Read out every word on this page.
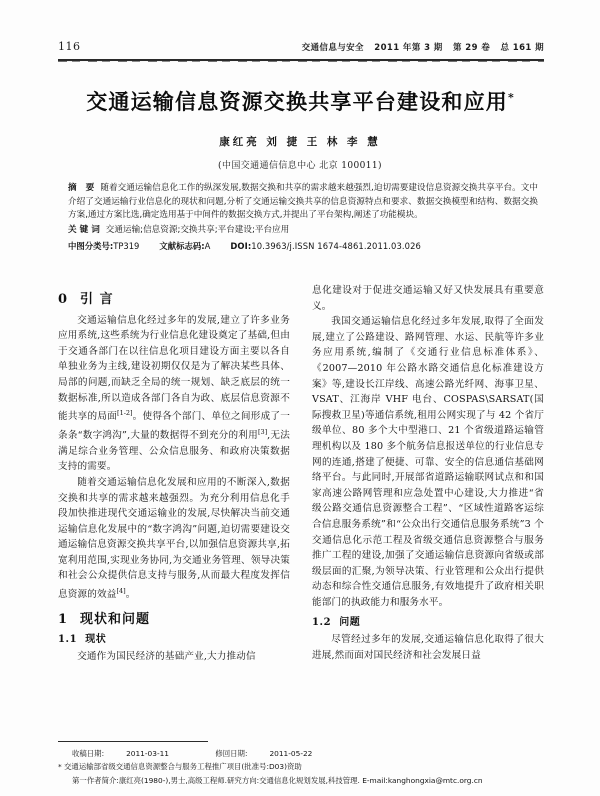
116	交通信息与安全 2011 年第 3 期 第 29 卷 总 161 期
交通运输信息资源交换共享平台建设和应用*
康红亮 刘 捷 王 林 李 慧
(中国交通通信信息中心 北京 100011)
摘 要 随着交通运输信息化工作的纵深发展,数据交换和共享的需求越来越强烈,迫切需要建设信息资源交换共享平台。文中介绍了交通运输行业信息化的现状和问题,分析了交通运输交换共享的信息资源特点和要求、数据交换模型和结构、数据交换方案,通过方案比选,确定选用基于中间件的数据交换方式,并提出了平台架构,阐述了功能模块。
关键词 交通运输;信息资源;交换共享;平台建设;平台应用
中图分类号:TP319 文献标志码:A DOI:10.3963/j.ISSN 1674-4861.2011.03.026
0 引 言

交通运输信息化经过多年的发展,建立了许多业务应用系统,这些系统为行业信息化建设奠定了基础,但由于交通各部门在以往信息化项目建设方面主要以各自单独业务为主线,建设初期仅仅是为了解决某些具体、局部的问题,而缺乏全局的统一规划、缺乏底层的统一数据标准,所以造成各部门各自为政、底层信息资源不能共享的局面[1-2]。使得各个部门、单位之间形成了一条条“数字鸿沟”,大量的数据得不到充分的利用[3],无法满足综合业务管理、公众信息服务、和政府决策数据支持的需要。

随着交通运输信息化发展和应用的不断深入,数据交换和共享的需求越来越强烈。为充分利用信息化手段加快推进现代交通运输业的发展,尽快解决当前交通运输信息化发展中的“数字鸿沟”问题,迫切需要建设交通运输信息资源交换共享平台,以加强信息资源共享,拓宽利用范围,实现业务协同,为交通业务管理、领导决策和社会公众提供信息支持与服务,从而最大程度发挥信息资源的效益[4]。

1 现状和问题
1.1 现状

交通作为国民经济的基础产业,大力推动信

息化建设对于促进交通运输又好又快发展具有重要意义。

我国交通运输信息化经过多年发展,取得了全面发展,建立了公路建设、路网管理、水运、民航等许多业务应用系统,编制了《交通行业信息标准体系》、《2007—2010 年公路水路交通信息化标准建设方案》等,建设长江岸线、高速公路光纤网、海事卫星、VSAT、江海岸 VHF 电台、COSPAS\SARSAT(国际搜救卫星)等通信系统,租用公网实现了与 42 个省厅级单位、80 多个大中型港口、21 个省级道路运输管理机构以及 180 多个航务信息报送单位的行业信息专网的连通,搭建了便捷、可靠、安全的信息通信基础网络平台。与此同时,开展部省道路运输联网试点和和国家高速公路网管理和应急处置中心建设,大力推进“省级公路交通信息资源整合工程”、“区域性道路客运综合信息服务系统”和“公众出行交通信息服务系统”3 个交通信息化示范工程及省级交通信息资源整合与服务推广工程的建设,加强了交通运输信息资源向省级或部级层面的汇聚,为领导决策、行业管理和公众出行提供动态和综合性交通信息服务,有效地提升了政府相关职能部门的执政能力和服务水平。

1.2 问题

尽管经过多年的发展,交通运输信息化取得了很大进展,然而面对国民经济和社会发展日益

收稿日期:	2011-03-11	修回日期:	2011-05-22
* 交通运输部省级交通信息资源整合与服务工程推广项目(批准号:D03)资助
第一作者简介:康红亮(1980-),男士,高级工程师.研究方向:交通信息化规划发展,科技管理. E-mail:kanghongxia@mtc.org.cn
